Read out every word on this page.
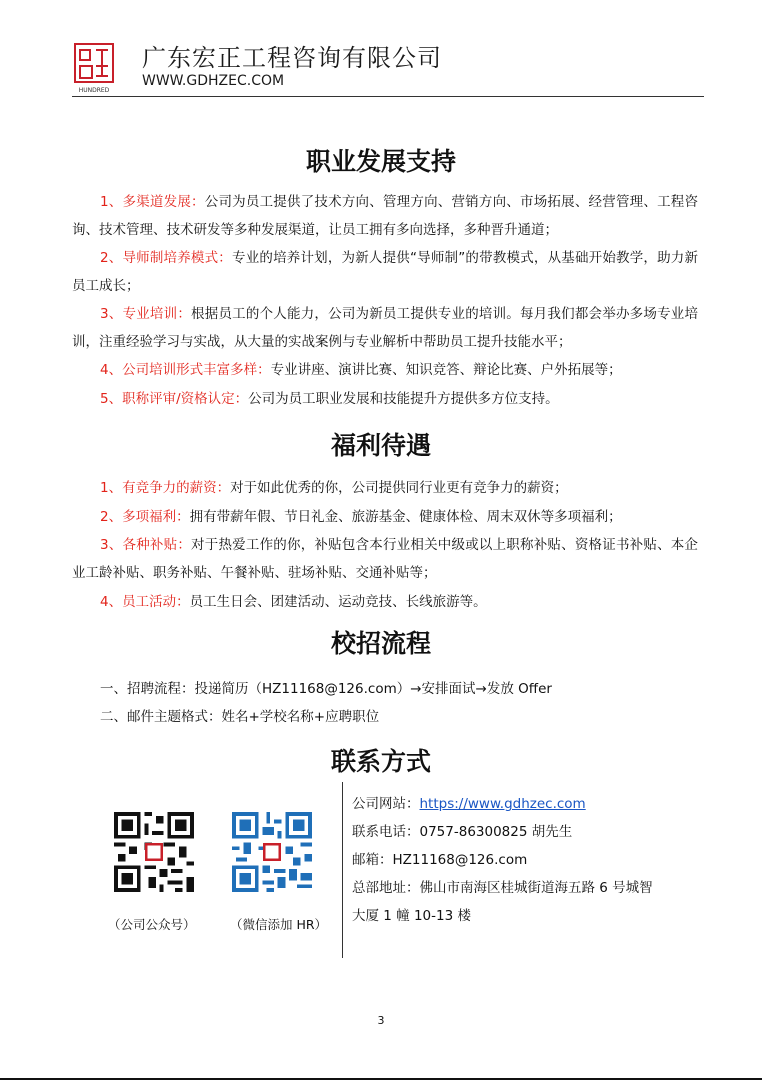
HUNDRED
广东宏正工程咨询有限公司
WWW.GDHZEC.COM
职业发展支持
1、多渠道发展：公司为员工提供了技术方向、管理方向、营销方向、市场拓展、经营管理、工程咨询、技术管理、技术研发等多种发展渠道，让员工拥有多向选择，多种晋升通道；
2、导师制培养模式：专业的培养计划，为新人提供“导师制”的带教模式，从基础开始教学，助力新员工成长；
3、专业培训：根据员工的个人能力，公司为新员工提供专业的培训。每月我们都会举办多场专业培训，注重经验学习与实战，从大量的实战案例与专业解析中帮助员工提升技能水平；
4、公司培训形式丰富多样：专业讲座、演讲比赛、知识竞答、辩论比赛、户外拓展等；
5、职称评审/资格认定：公司为员工职业发展和技能提升方提供多方位支持。
福利待遇
1、有竞争力的薪资：对于如此优秀的你，公司提供同行业更有竞争力的薪资；
2、多项福利：拥有带薪年假、节日礼金、旅游基金、健康体检、周末双休等多项福利；
3、各种补贴：对于热爱工作的你，补贴包含本行业相关中级或以上职称补贴、资格证书补贴、本企业工龄补贴、职务补贴、午餐补贴、驻场补贴、交通补贴等；
4、员工活动：员工生日会、团建活动、运动竞技、长线旅游等。
校招流程
一、招聘流程：投递简历（HZ11168@126.com）→安排面试→发放 Offer
二、邮件主题格式：姓名+学校名称+应聘职位
联系方式
（公司公众号）	（微信添加 HR）
公司网站：https://www.gdhzec.com
联系电话：0757-86300825 胡先生
邮箱：HZ11168@126.com
总部地址：佛山市南海区桂城街道海五路 6 号城智
大厦 1 幢 10-13 楼
3
